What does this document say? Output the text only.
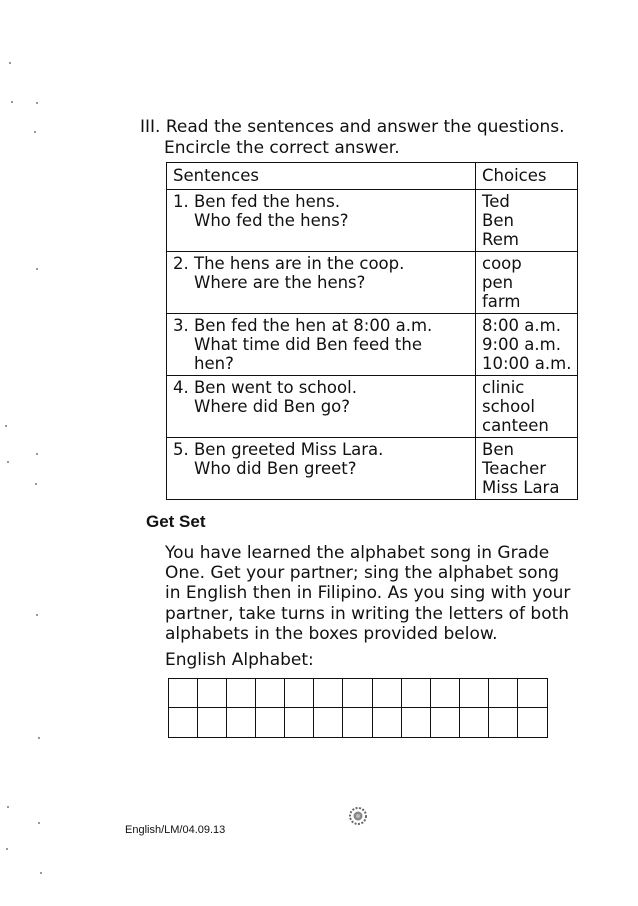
III. Read the sentences and answer the questions.
Encircle the correct answer.
Sentences	Choices

1. Ben fed the hens.
Who fed the hens?	Ted
Ben
Rem

2. The hens are in the coop.
Where are the hens?	coop
pen
farm

3. Ben fed the hen at 8:00 a.m.
What time did Ben feed the
hen?	8:00 a.m.
9:00 a.m.
10:00 a.m.

4. Ben went to school.
Where did Ben go?	clinic
school
canteen

5. Ben greeted Miss Lara.
Who did Ben greet?	Ben
Teacher
Miss Lara
Get Set
You have learned the alphabet song in Grade
One. Get your partner; sing the alphabet song
in English then in Filipino. As you sing with your
partner, take turns in writing the letters of both
alphabets in the boxes provided below.
English Alphabet:
English/LM/04.09.13
